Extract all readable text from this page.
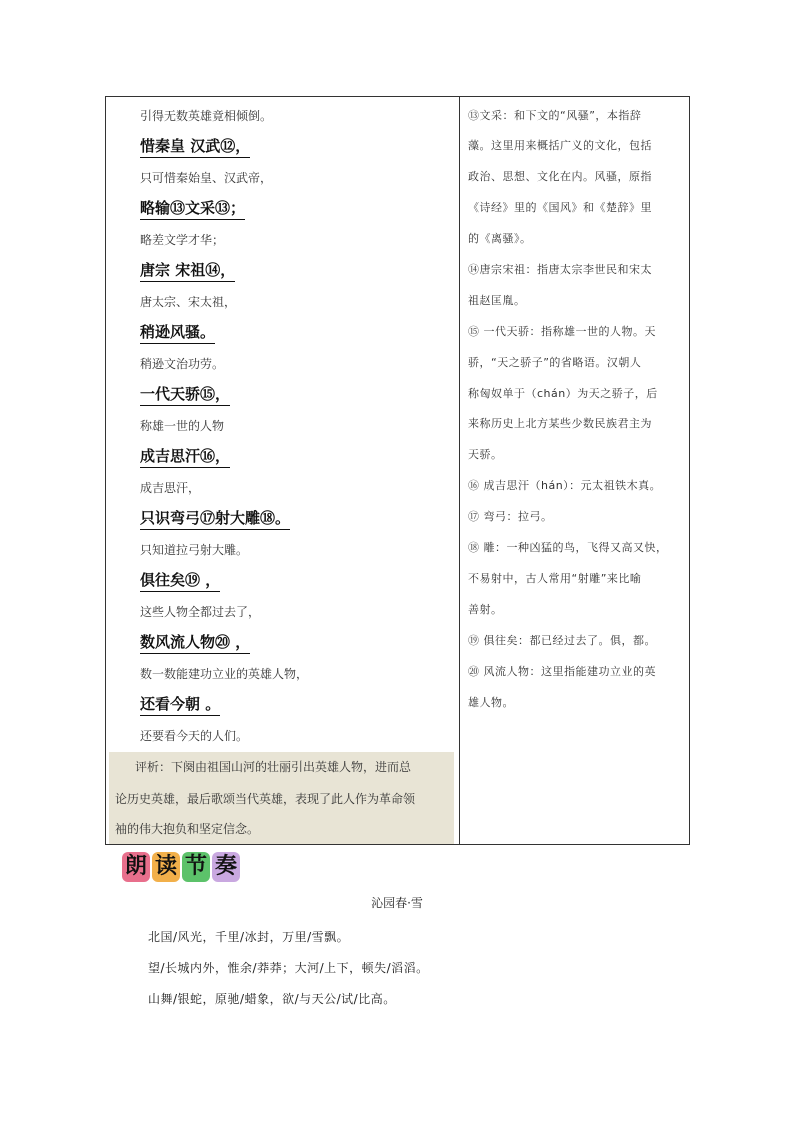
引得无数英雄竟相倾倒。
惜秦皇 汉武⑫，
只可惜秦始皇、汉武帝，
略输⑬文采⑬；
略差文学才华；
唐宗 宋祖⑭，
唐太宗、宋太祖，
稍逊风骚。
稍逊文治功劳。
一代天骄⑮，
称雄一世的人物
成吉思汗⑯，
成吉思汗，
只识弯弓⑰射大雕⑱。
只知道拉弓射大雕。
俱往矣⑲ ，
这些人物全都过去了，
数风流人物⑳ ，
数一数能建功立业的英雄人物，
还看今朝 。
还要看今天的人们。
评析：下阕由祖国山河的壮丽引出英雄人物，进而总
论历史英雄，最后歌颂当代英雄，表现了此人作为革命领
袖的伟大抱负和坚定信念。
⑬文采：和下文的“风骚”，本指辞
藻。这里用来概括广义的文化，包括
政治、思想、文化在内。风骚，原指
《诗经》里的《国风》和《楚辞》里
的《离骚》。
⑭唐宗宋祖：指唐太宗李世民和宋太
祖赵匡胤。
⑮ 一代天骄：指称雄一世的人物。天
骄，“天之骄子”的省略语。汉朝人
称匈奴单于（chán）为天之骄子，后
来称历史上北方某些少数民族君主为
天骄。
⑯ 成吉思汗（hán）：元太祖铁木真。
⑰ 弯弓：拉弓。
⑱ 雕：一种凶猛的鸟，飞得又高又快，
不易射中，古人常用“射雕”来比喻
善射。
⑲ 俱往矣：都已经过去了。俱，都。
⑳ 风流人物：这里指能建功立业的英
雄人物。
朗 读 节 奏
沁园春·雪
北国/风光，千里/冰封，万里/雪飘。
望/长城内外，惟余/莽莽；大河/上下，顿失/滔滔。
山舞/银蛇，原驰/蜡象，欲/与天公/试/比高。
